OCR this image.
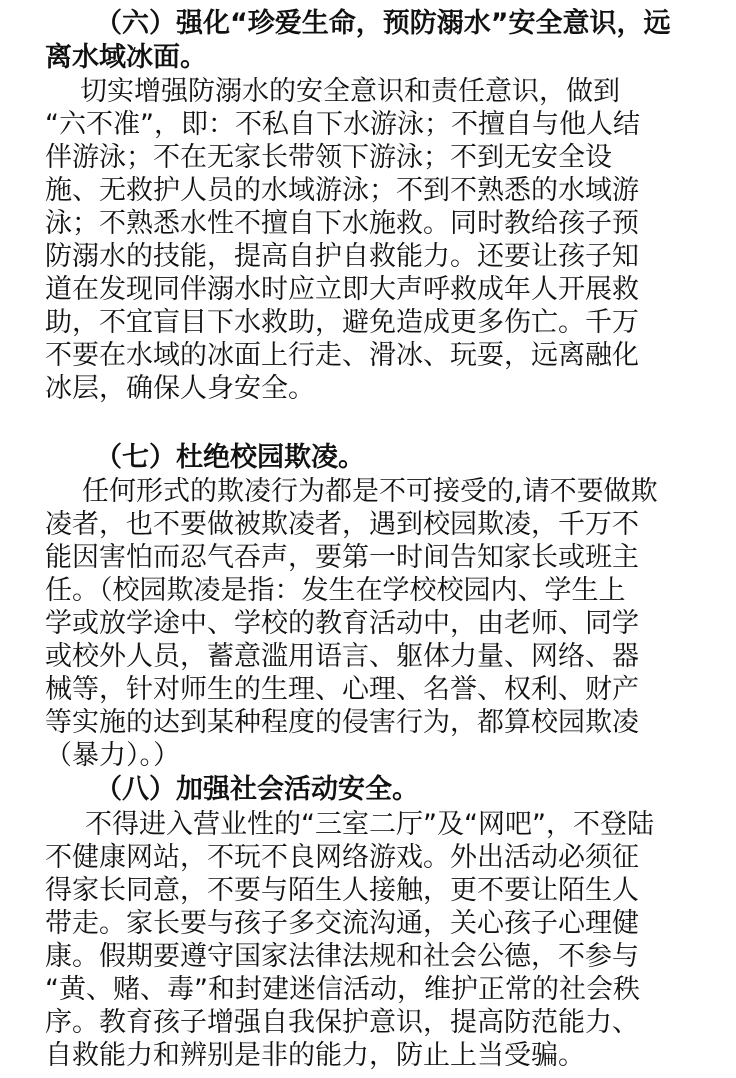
（六）强化“珍爱生命，预防溺水”安全意识，远
离水域冰面。
切实增强防溺水的安全意识和责任意识，做到
“六不准”，即：不私自下水游泳；不擅自与他人结
伴游泳；不在无家长带领下游泳；不到无安全设
施、无救护人员的水域游泳；不到不熟悉的水域游
泳；不熟悉水性不擅自下水施救。同时教给孩子预
防溺水的技能，提高自护自救能力。还要让孩子知
道在发现同伴溺水时应立即大声呼救成年人开展救
助，不宜盲目下水救助，避免造成更多伤亡。千万
不要在水域的冰面上行走、滑冰、玩耍，远离融化
冰层，确保人身安全。
（七）杜绝校园欺凌。
任何形式的欺凌行为都是不可接受的,请不要做欺
凌者，也不要做被欺凌者，遇到校园欺凌，千万不
能因害怕而忍气吞声，要第一时间告知家长或班主
任。（校园欺凌是指：发生在学校校园内、学生上
学或放学途中、学校的教育活动中，由老师、同学
或校外人员，蓄意滥用语言、躯体力量、网络、器
械等，针对师生的生理、心理、名誉、权利、财产
等实施的达到某种程度的侵害行为，都算校园欺凌
（暴力）。）
（八）加强社会活动安全。
不得进入营业性的“三室二厅”及“网吧”，不登陆
不健康网站，不玩不良网络游戏。外出活动必须征
得家长同意，不要与陌生人接触，更不要让陌生人
带走。家长要与孩子多交流沟通，关心孩子心理健
康。假期要遵守国家法律法规和社会公德，不参与
“黄、赌、毒”和封建迷信活动，维护正常的社会秩
序。教育孩子增强自我保护意识，提高防范能力、
自救能力和辨别是非的能力，防止上当受骗。
